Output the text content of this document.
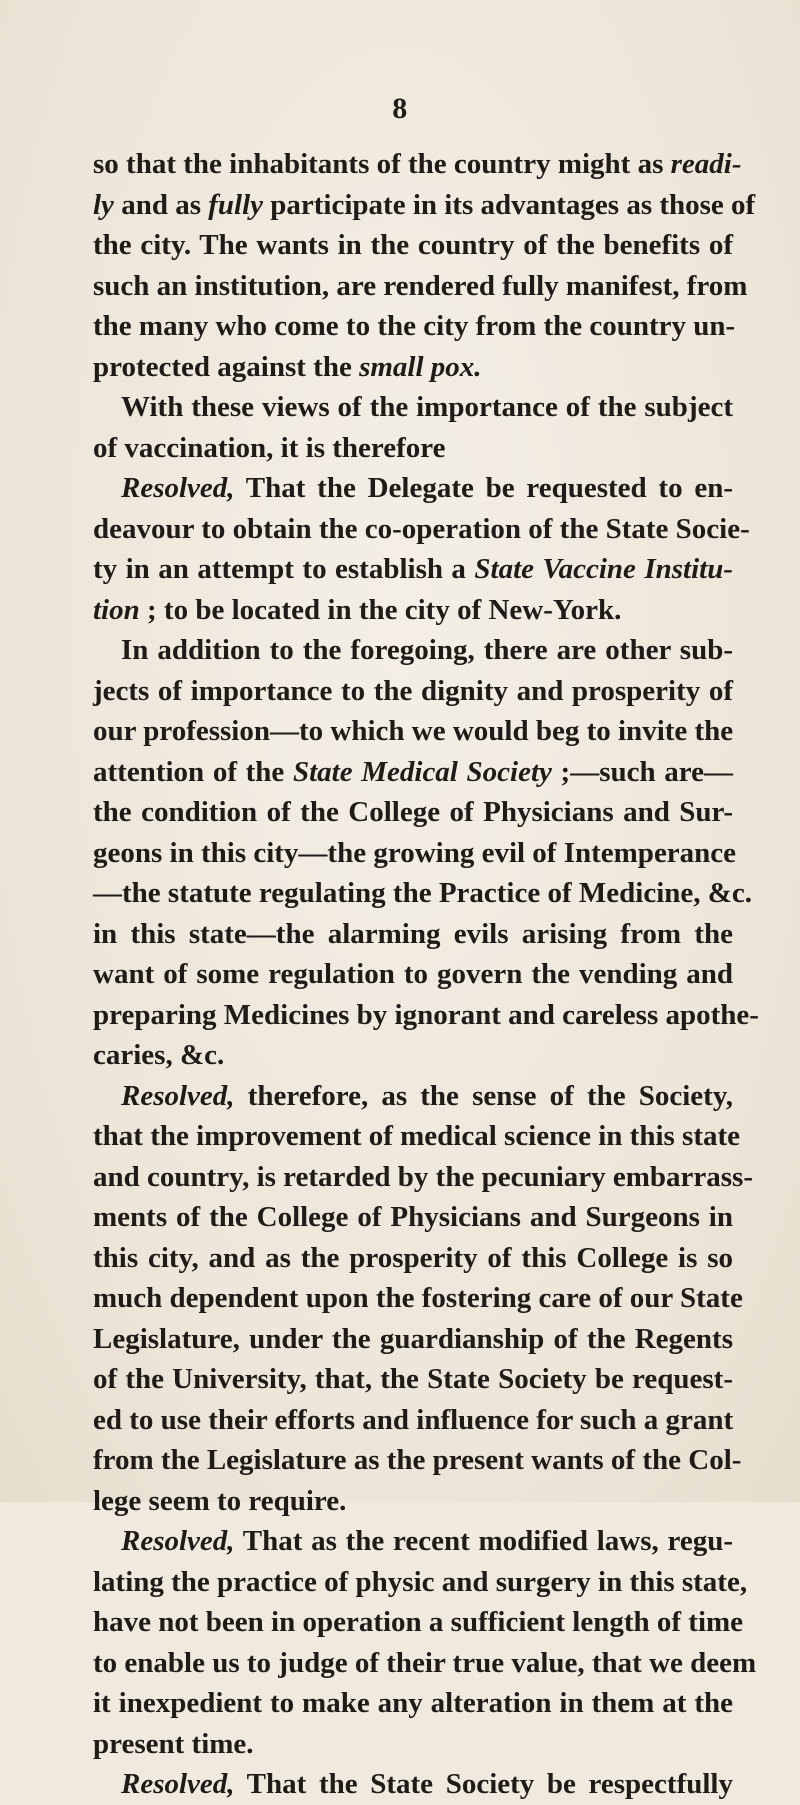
8
so that the inhabitants of the country might as readi-
ly and as fully participate in its advantages as those of
the city. The wants in the country of the benefits of
such an institution, are rendered fully manifest, from
the many who come to the city from the country un-
protected against the small pox.
With these views of the importance of the subject
of vaccination, it is therefore
Resolved, That the Delegate be requested to en-
deavour to obtain the co-operation of the State Socie-
ty in an attempt to establish a State Vaccine Institu-
tion ; to be located in the city of New-York.
In addition to the foregoing, there are other sub-
jects of importance to the dignity and prosperity of
our profession—to which we would beg to invite the
attention of the State Medical Society ;—such are—
the condition of the College of Physicians and Sur-
geons in this city—the growing evil of Intemperance
—the statute regulating the Practice of Medicine, &c.
in this state—the alarming evils arising from the
want of some regulation to govern the vending and
preparing Medicines by ignorant and careless apothe-
caries, &c.
Resolved, therefore, as the sense of the Society,
that the improvement of medical science in this state
and country, is retarded by the pecuniary embarrass-
ments of the College of Physicians and Surgeons in
this city, and as the prosperity of this College is so
much dependent upon the fostering care of our State
Legislature, under the guardianship of the Regents
of the University, that, the State Society be request-
ed to use their efforts and influence for such a grant
from the Legislature as the present wants of the Col-
lege seem to require.
Resolved, That as the recent modified laws, regu-
lating the practice of physic and surgery in this state,
have not been in operation a sufficient length of time
to enable us to judge of their true value, that we deem
it inexpedient to make any alteration in them at the
present time.
Resolved, That the State Society be respectfully
